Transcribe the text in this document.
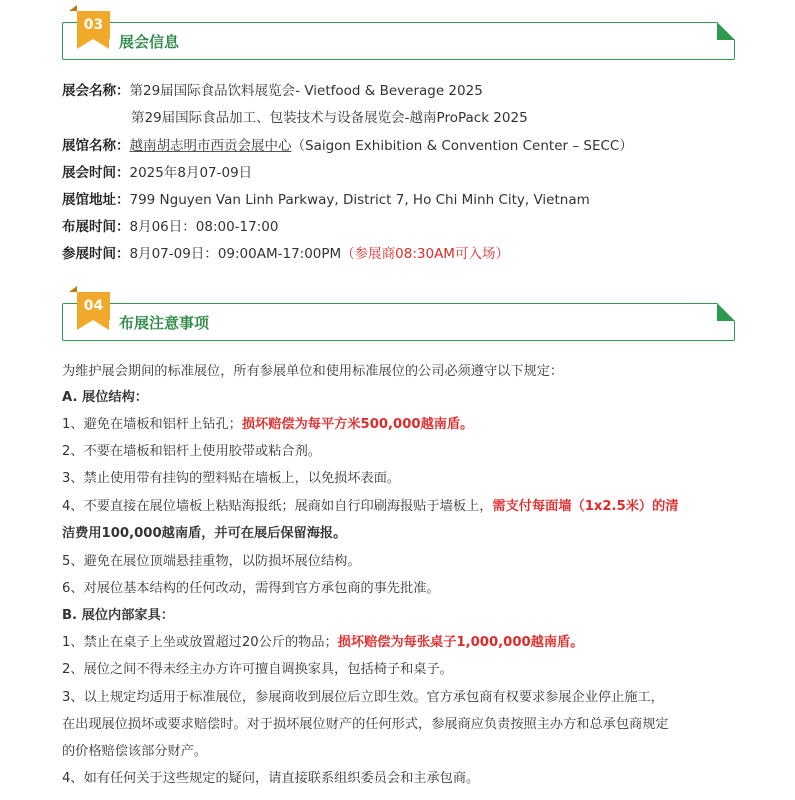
03
展会信息
展会名称：第29届国际食品饮料展览会- Vietfood & Beverage 2025
第29届国际食品加工、包装技术与设备展览会-越南ProPack 2025
展馆名称：越南胡志明市西贡会展中心（Saigon Exhibition & Convention Center – SECC）
展会时间：2025年8月07-09日
展馆地址：799 Nguyen Van Linh Parkway, District 7, Ho Chi Minh City, Vietnam
布展时间：8月06日：08:00-17:00
参展时间：8月07-09日：09:00AM-17:00PM（参展商08:30AM可入场）
04
布展注意事项
为维护展会期间的标准展位，所有参展单位和使用标准展位的公司必须遵守以下规定：
A. 展位结构：
1、避免在墙板和铝杆上钻孔；损坏赔偿为每平方米500,000越南盾。
2、不要在墙板和铝杆上使用胶带或粘合剂。
3、禁止使用带有挂钩的塑料贴在墙板上，以免损坏表面。
4、不要直接在展位墙板上粘贴海报纸；展商如自行印刷海报贴于墙板上，需支付每面墙（1x2.5米）的清
洁费用100,000越南盾，并可在展后保留海报。
5、避免在展位顶端悬挂重物，以防损坏展位结构。
6、对展位基本结构的任何改动，需得到官方承包商的事先批准。
B. 展位内部家具：
1、禁止在桌子上坐或放置超过20公斤的物品；损坏赔偿为每张桌子1,000,000越南盾。
2、展位之间不得未经主办方许可擅自调换家具，包括椅子和桌子。
3、以上规定均适用于标准展位，参展商收到展位后立即生效。官方承包商有权要求参展企业停止施工，
在出现展位损坏或要求赔偿时。对于损坏展位财产的任何形式，参展商应负责按照主办方和总承包商规定
的价格赔偿该部分财产。
4、如有任何关于这些规定的疑问，请直接联系组织委员会和主承包商。
